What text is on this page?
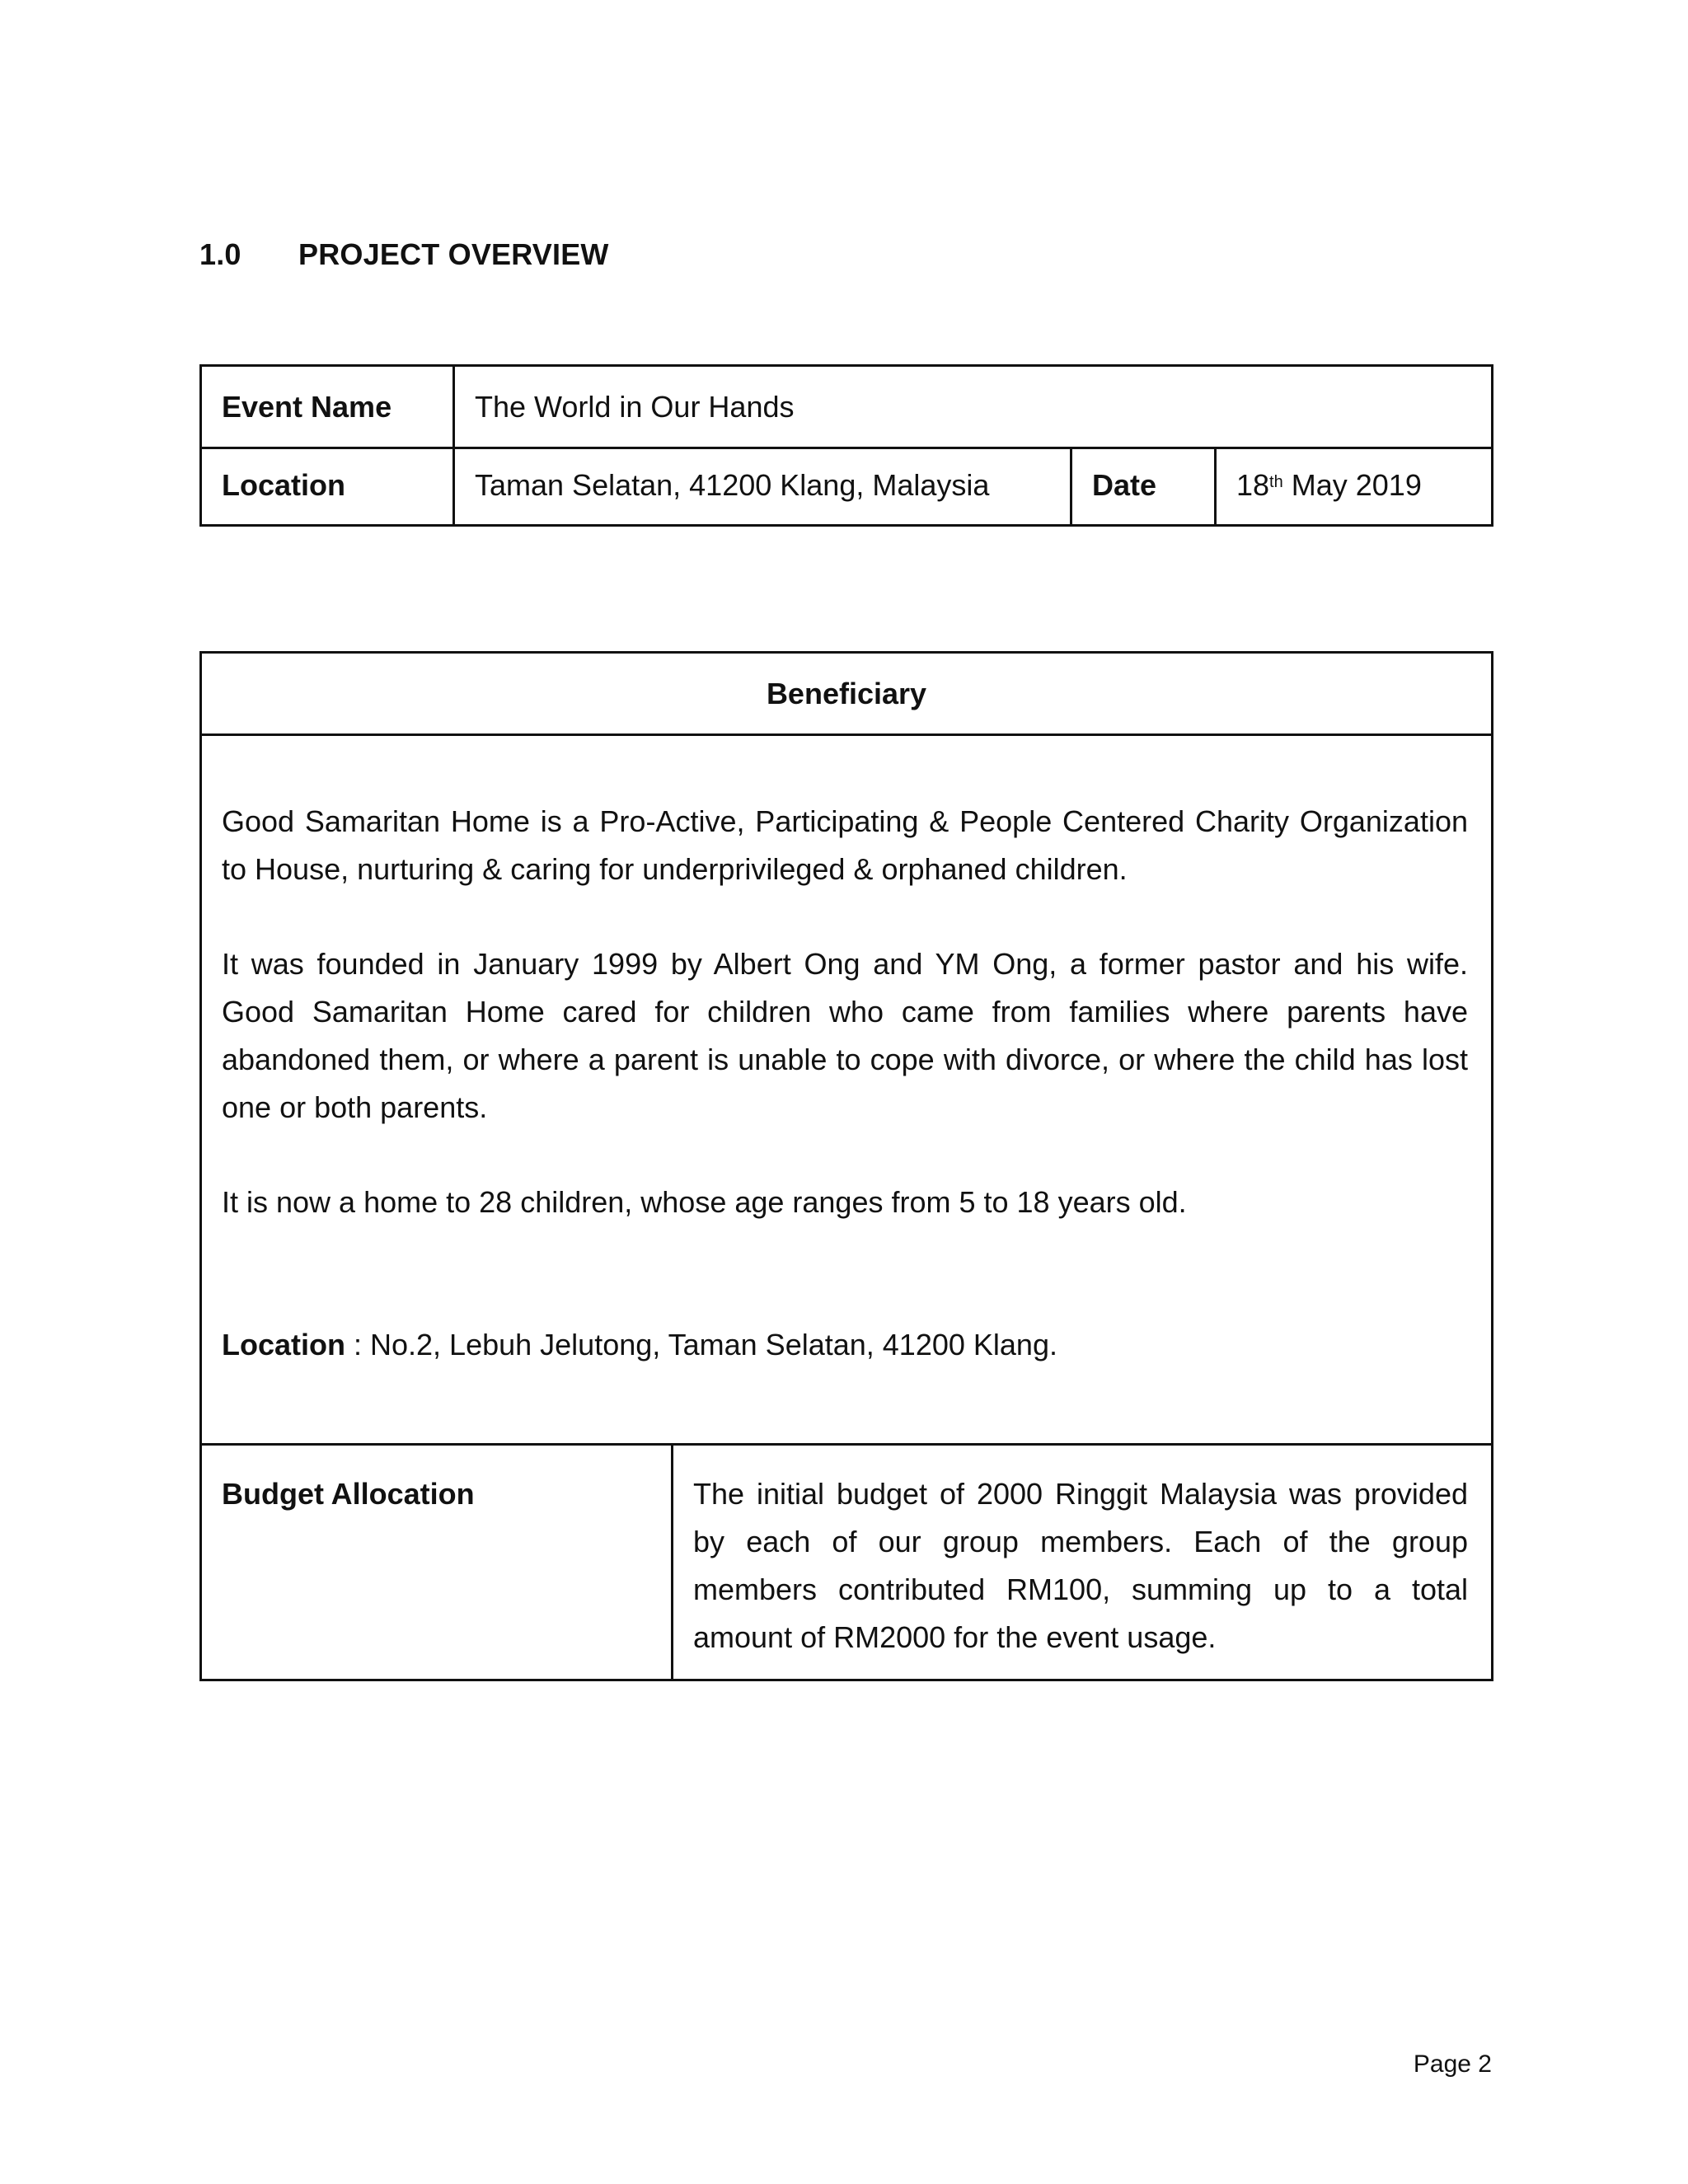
1.0 PROJECT OVERVIEW
Event Name	The World in Our Hands
Location	Taman Selatan, 41200 Klang, Malaysia	Date	18th May 2019
Beneficiary

Good Samaritan Home is a Pro-Active, Participating & People Centered Charity Organization to House, nurturing & caring for underprivileged & orphaned children.

It was founded in January 1999 by Albert Ong and YM Ong, a former pastor and his wife. Good Samaritan Home cared for children who came from families where parents have abandoned them, or where a parent is unable to cope with divorce, or where the child has lost one or both parents.

It is now a home to 28 children, whose age ranges from 5 to 18 years old.

Location : No.2, Lebuh Jelutong, Taman Selatan, 41200 Klang.

Budget Allocation	The initial budget of 2000 Ringgit Malaysia was provided by each of our group members. Each of the group members contributed RM100, summing up to a total amount of RM2000 for the event usage.
Page 2
